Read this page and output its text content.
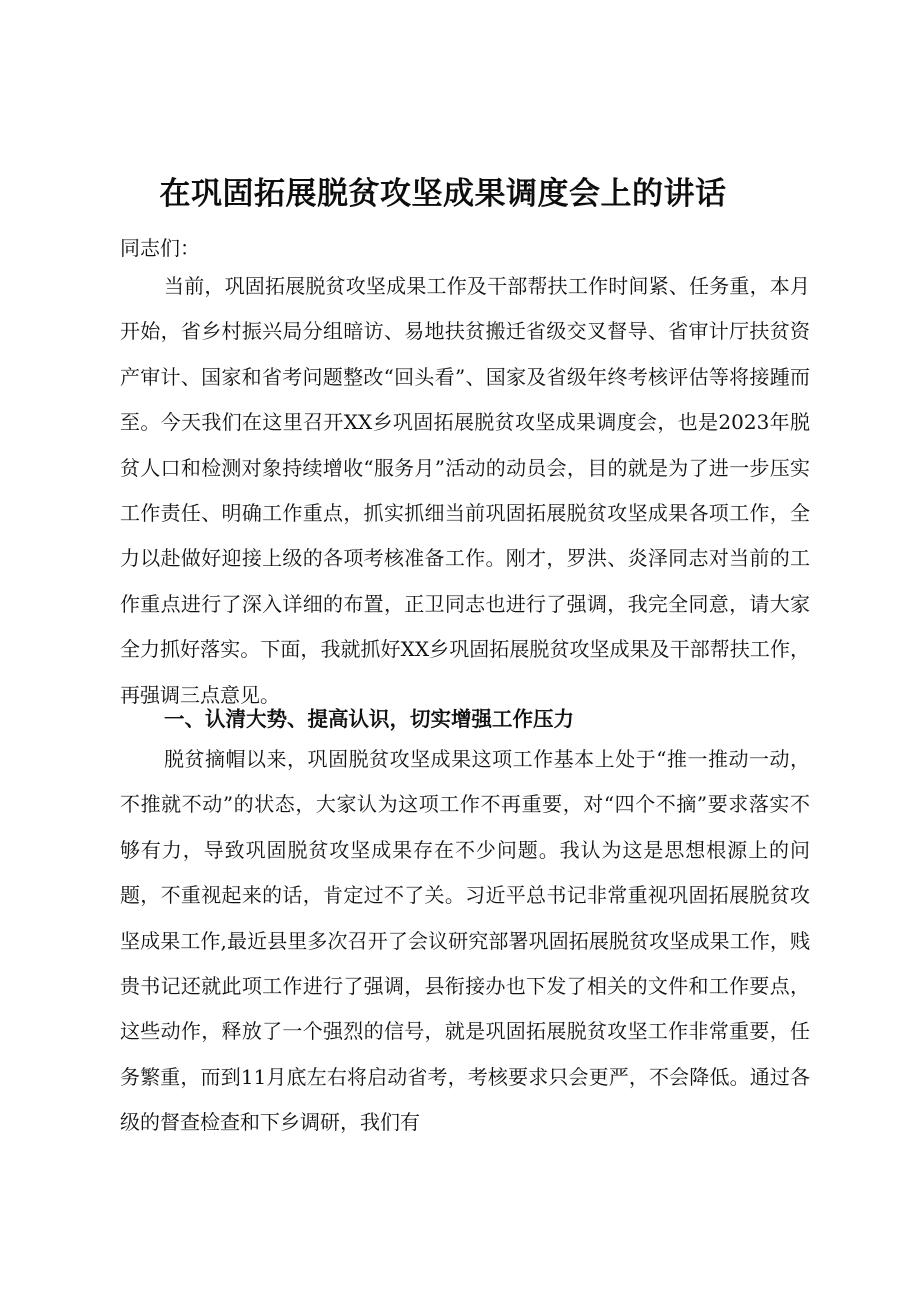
在巩固拓展脱贫攻坚成果调度会上的讲话

同志们：

当前，巩固拓展脱贫攻坚成果工作及干部帮扶工作时间紧、任务重，本月开始，省乡村振兴局分组暗访、易地扶贫搬迁省级交叉督导、省审计厅扶贫资产审计、国家和省考问题整改“回头看”、国家及省级年终考核评估等将接踵而至。今天我们在这里召开XX乡巩固拓展脱贫攻坚成果调度会，也是2023年脱贫人口和检测对象持续增收“服务月”活动的动员会，目的就是为了进一步压实工作责任、明确工作重点，抓实抓细当前巩固拓展脱贫攻坚成果各项工作，全力以赴做好迎接上级的各项考核准备工作。刚才，罗洪、炎泽同志对当前的工作重点进行了深入详细的布置，正卫同志也进行了强调，我完全同意，请大家全力抓好落实。下面，我就抓好XX乡巩固拓展脱贫攻坚成果及干部帮扶工作，再强调三点意见。

一、认清大势、提高认识，切实增强工作压力

脱贫摘帽以来，巩固脱贫攻坚成果这项工作基本上处于“推一推动一动，不推就不动”的状态，大家认为这项工作不再重要，对“四个不摘”要求落实不够有力，导致巩固脱贫攻坚成果存在不少问题。我认为这是思想根源上的问题，不重视起来的话，肯定过不了关。习近平总书记非常重视巩固拓展脱贫攻坚成果工作,最近县里多次召开了会议研究部署巩固拓展脱贫攻坚成果工作，贱贵书记还就此项工作进行了强调，县衔接办也下发了相关的文件和工作要点，这些动作，释放了一个强烈的信号，就是巩固拓展脱贫攻坚工作非常重要，任务繁重，而到11月底左右将启动省考，考核要求只会更严，不会降低。通过各级的督查检查和下乡调研，我们有
